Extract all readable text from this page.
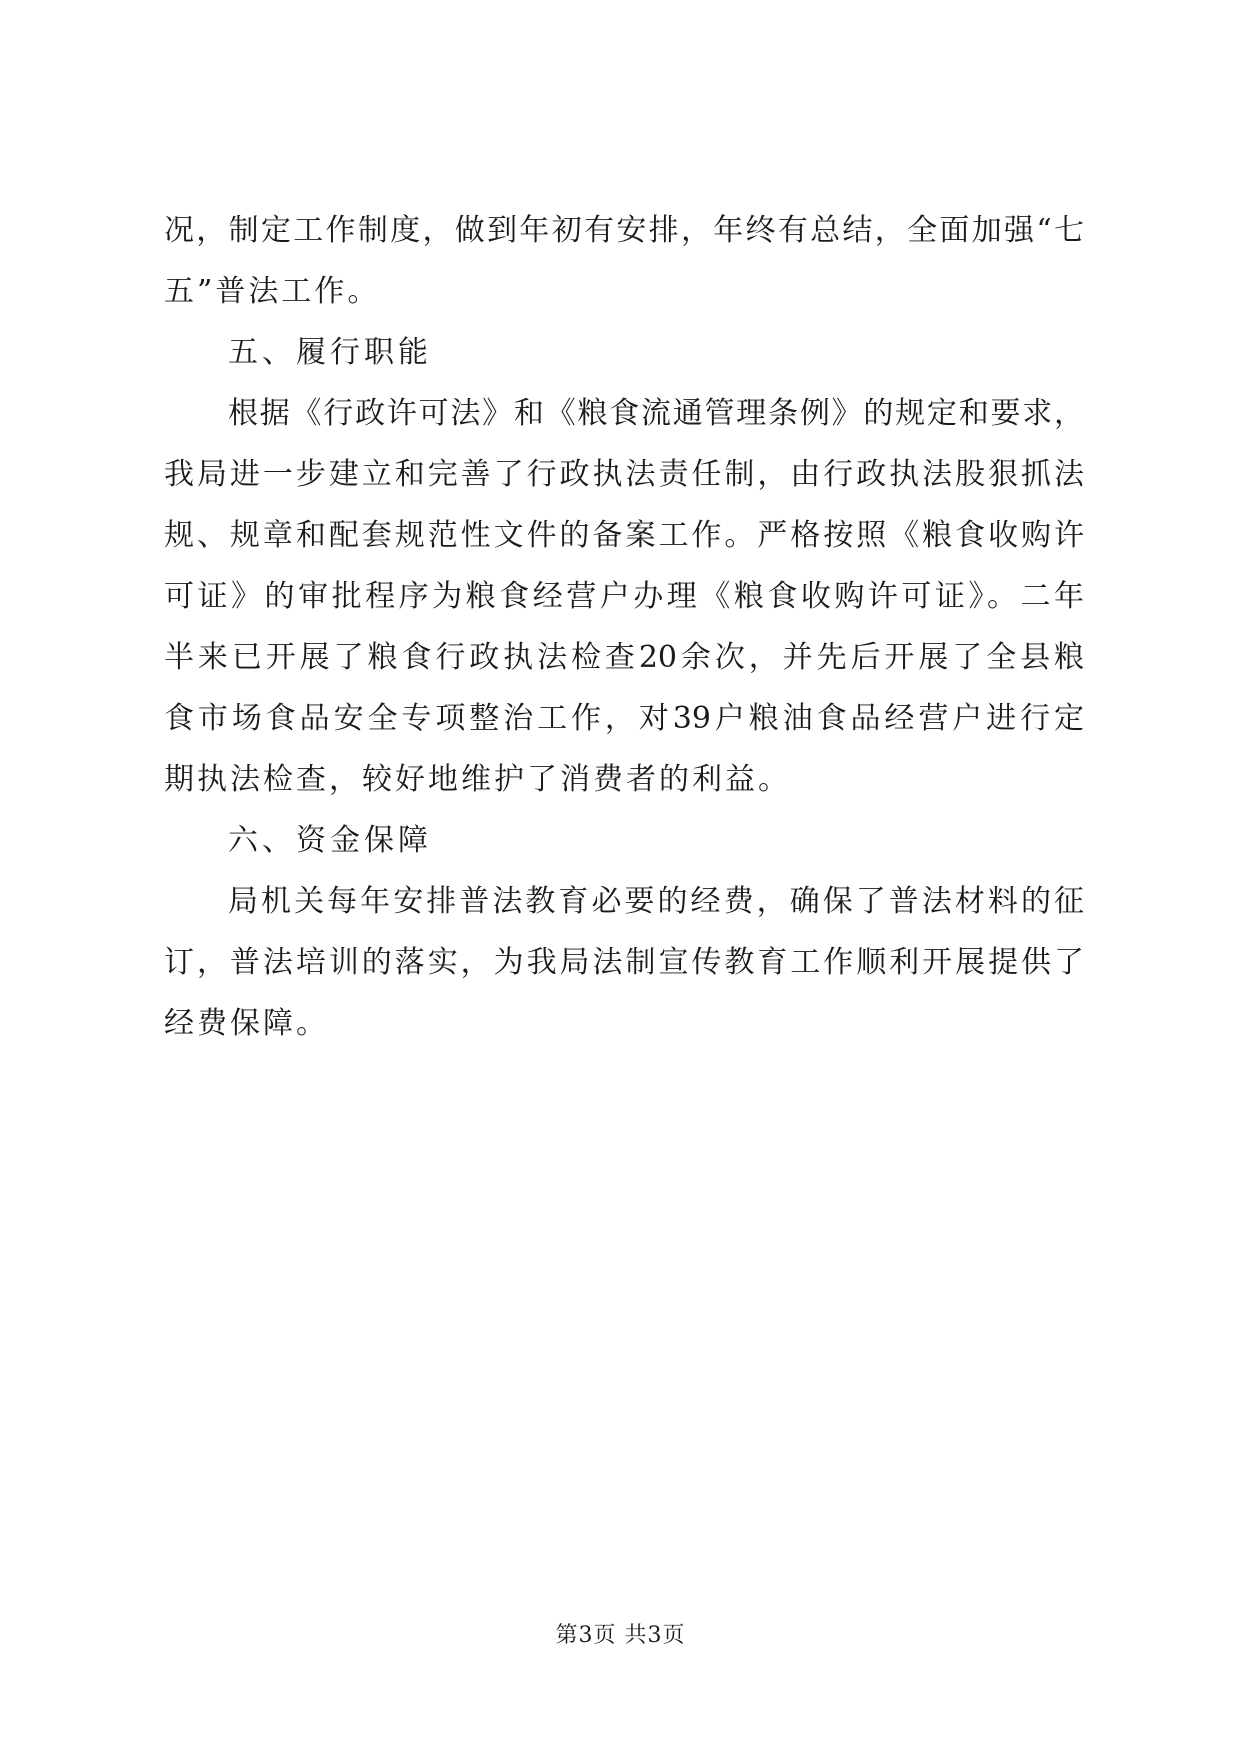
况，制定工作制度，做到年初有安排，年终有总结，全面加强“七
五”普法工作。
五、履行职能
根据《行政许可法》和《粮食流通管理条例》的规定和要求，
我局进一步建立和完善了行政执法责任制，由行政执法股狠抓法
规、规章和配套规范性文件的备案工作。严格按照《粮食收购许
可证》的审批程序为粮食经营户办理《粮食收购许可证》。二年
半来已开展了粮食行政执法检查20余次，并先后开展了全县粮
食市场食品安全专项整治工作，对39户粮油食品经营户进行定
期执法检查，较好地维护了消费者的利益。
六、资金保障
局机关每年安排普法教育必要的经费，确保了普法材料的征
订，普法培训的落实，为我局法制宣传教育工作顺利开展提供了
经费保障。
第3页 共3页
